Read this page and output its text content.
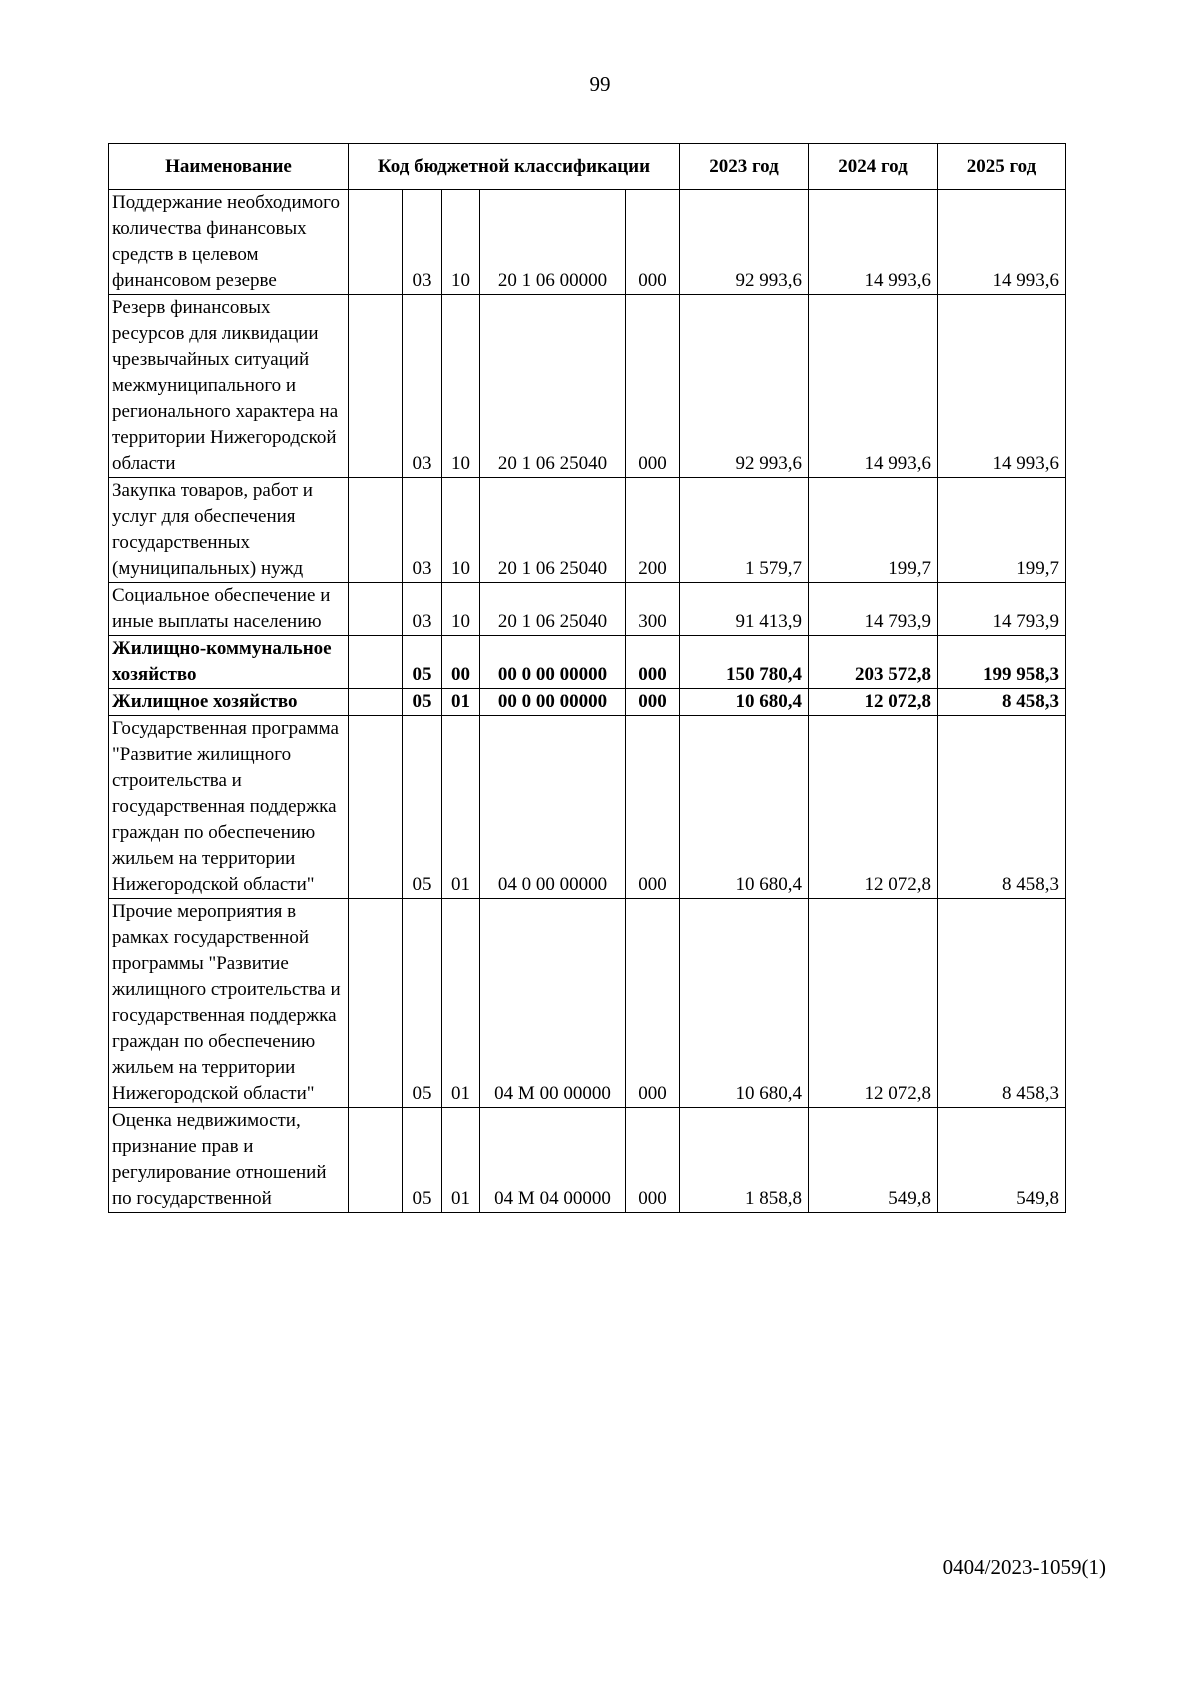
99
Наименование	Код бюджетной классификации					2023 год	2024 год	2025 год
Поддержание необходимого количества финансовых средств в целевом финансовом резерве		03	10	20 1 06 00000	000	92 993,6	14 993,6	14 993,6
Резерв финансовых ресурсов для ликвидации чрезвычайных ситуаций межмуниципального и регионального характера на территории Нижегородской области		03	10	20 1 06 25040	000	92 993,6	14 993,6	14 993,6
Закупка товаров, работ и услуг для обеспечения государственных (муниципальных) нужд		03	10	20 1 06 25040	200	1 579,7	199,7	199,7
Социальное обеспечение и иные выплаты населению		03	10	20 1 06 25040	300	91 413,9	14 793,9	14 793,9
Жилищно-коммунальное хозяйство		05	00	00 0 00 00000	000	150 780,4	203 572,8	199 958,3
Жилищное хозяйство		05	01	00 0 00 00000	000	10 680,4	12 072,8	8 458,3
Государственная программа "Развитие жилищного строительства и государственная поддержка граждан по обеспечению жильем на территории Нижегородской области"		05	01	04 0 00 00000	000	10 680,4	12 072,8	8 458,3
Прочие мероприятия в рамках государственной программы "Развитие жилищного строительства и государственная поддержка граждан по обеспечению жильем на территории Нижегородской области"		05	01	04 М 00 00000	000	10 680,4	12 072,8	8 458,3
Оценка недвижимости, признание прав и регулирование отношений по государственной		05	01	04 М 04 00000	000	1 858,8	549,8	549,8
0404/2023-1059(1)
